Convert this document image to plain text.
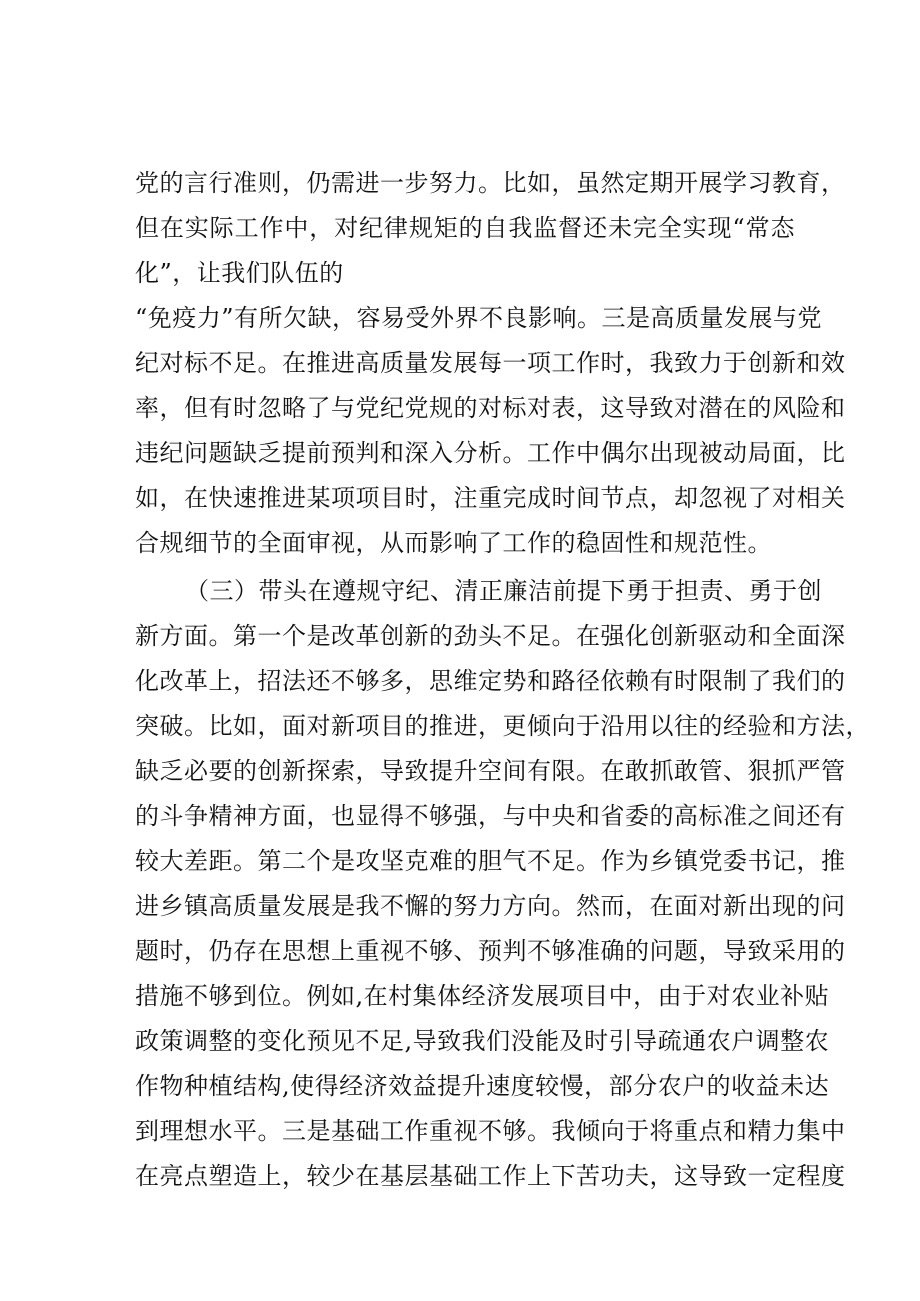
党的言行准则，仍需进一步努力。比如，虽然定期开展学习教育，
但在实际工作中，对纪律规矩的自我监督还未完全实现“常态
化”，让我们队伍的
“免疫力”有所欠缺，容易受外界不良影响。三是高质量发展与党
纪对标不足。在推进高质量发展每一项工作时，我致力于创新和效
率，但有时忽略了与党纪党规的对标对表，这导致对潜在的风险和
违纪问题缺乏提前预判和深入分析。工作中偶尔出现被动局面，比
如，在快速推进某项项目时，注重完成时间节点，却忽视了对相关
合规细节的全面审视，从而影响了工作的稳固性和规范性。
（三）带头在遵规守纪、清正廉洁前提下勇于担责、勇于创
新方面。第一个是改革创新的劲头不足。在强化创新驱动和全面深
化改革上，招法还不够多，思维定势和路径依赖有时限制了我们的
突破。比如，面对新项目的推进，更倾向于沿用以往的经验和方法，
缺乏必要的创新探索，导致提升空间有限。在敢抓敢管、狠抓严管
的斗争精神方面，也显得不够强，与中央和省委的高标准之间还有
较大差距。第二个是攻坚克难的胆气不足。作为乡镇党委书记，推
进乡镇高质量发展是我不懈的努力方向。然而，在面对新出现的问
题时，仍存在思想上重视不够、预判不够准确的问题，导致采用的
措施不够到位。例如,在村集体经济发展项目中，由于对农业补贴
政策调整的变化预见不足,导致我们没能及时引导疏通农户调整农
作物种植结构,使得经济效益提升速度较慢，部分农户的收益未达
到理想水平。三是基础工作重视不够。我倾向于将重点和精力集中
在亮点塑造上，较少在基层基础工作上下苦功夫，这导致一定程度
